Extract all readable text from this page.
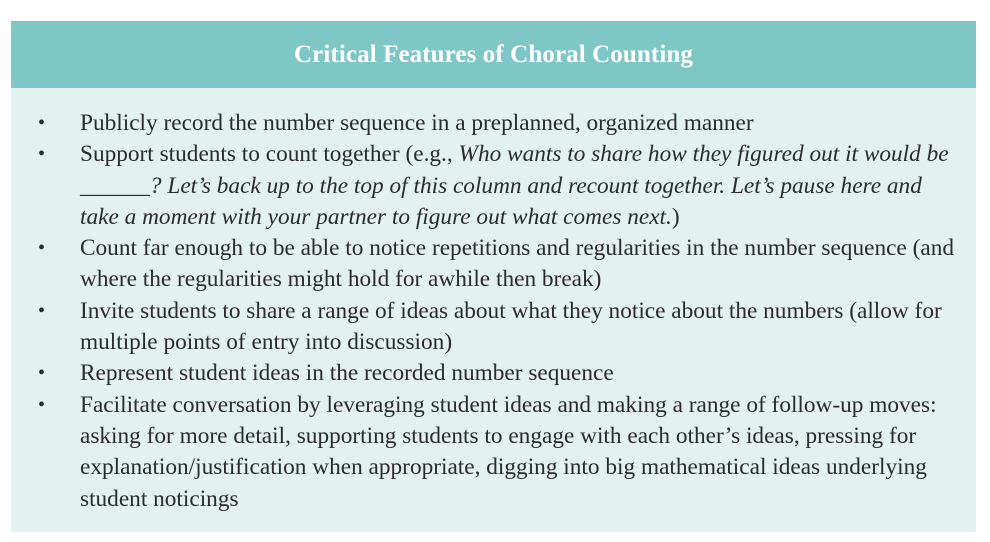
Critical Features of Choral Counting
• Publicly record the number sequence in a preplanned, organized manner
• Support students to count together (e.g., Who wants to share how they figured out it would be ______? Let’s back up to the top of this column and recount together. Let’s pause here and take a moment with your partner to figure out what comes next.)
• Count far enough to be able to notice repetitions and regularities in the number sequence (and where the regularities might hold for awhile then break)
• Invite students to share a range of ideas about what they notice about the numbers (allow for multiple points of entry into discussion)
• Represent student ideas in the recorded number sequence
• Facilitate conversation by leveraging student ideas and making a range of follow-up moves: asking for more detail, supporting students to engage with each other’s ideas, pressing for explanation/justification when appropriate, digging into big mathematical ideas underlying student noticings
